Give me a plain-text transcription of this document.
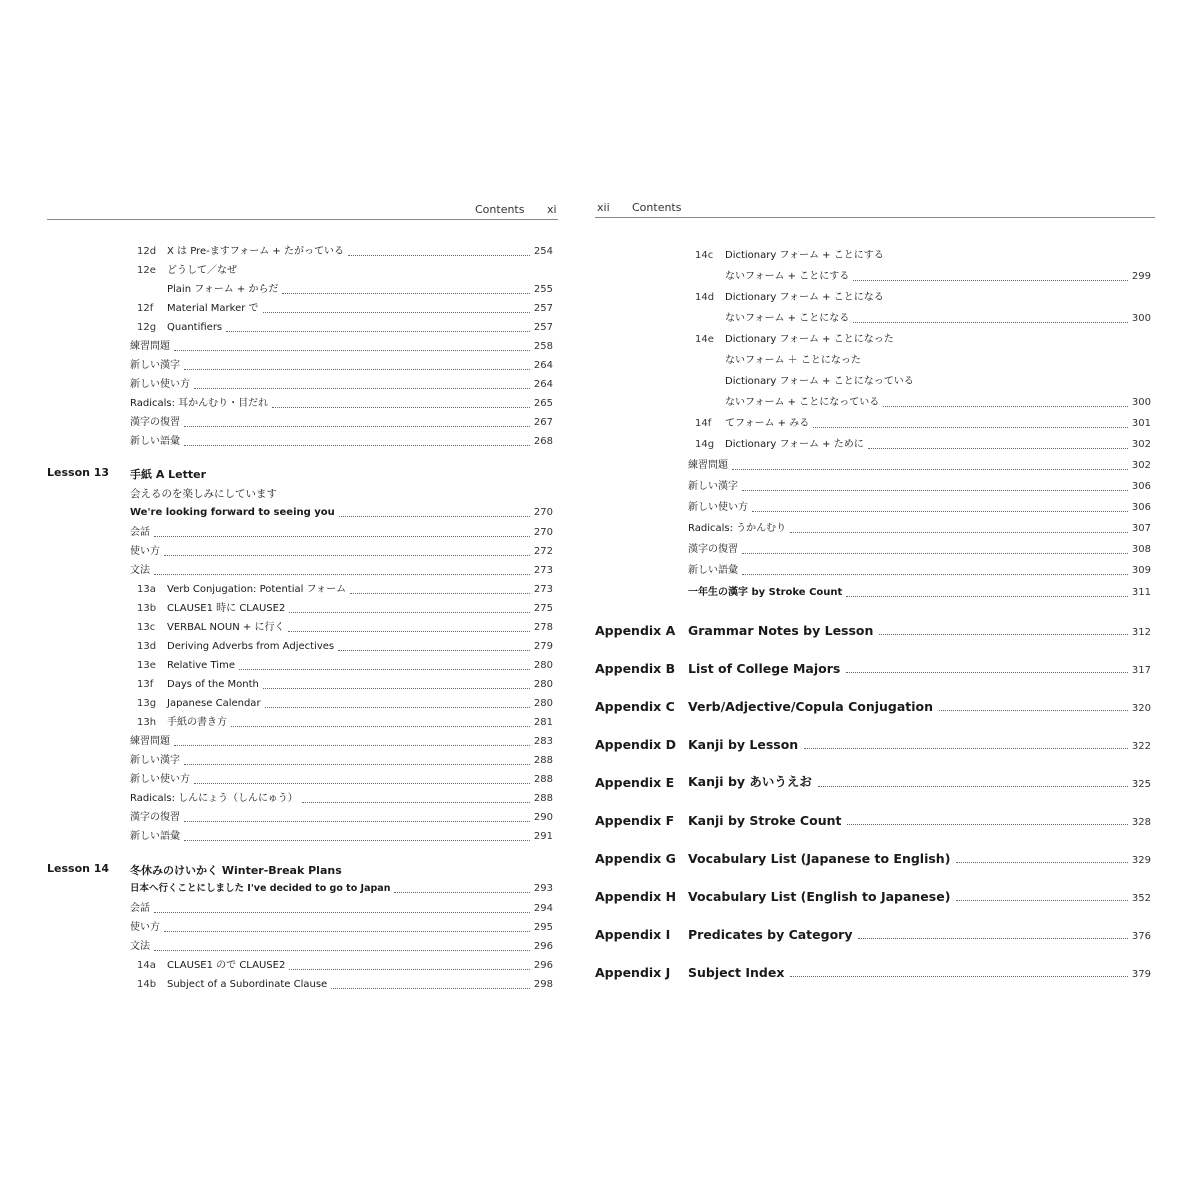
Contents xi
12d	X は Pre-ますフォーム + たがっている	254
12e	どうして／なぜ
Plain フォーム + からだ	255
12f	Material Marker で	257
12g	Quantifiers	257
練習問題	258
新しい漢字	264
新しい使い方	264
Radicals: 耳かんむり・目だれ	265
漢字の復習	267
新しい語彙	268
Lesson 13 手紙 A Letter
会えるのを楽しみにしています
We're looking forward to seeing you	270
会話	270
使い方	272
文法	273
13a	Verb Conjugation: Potential フォーム	273
13b	CLAUSE1 時に CLAUSE2	275
13c	VERBAL NOUN + に行く	278
13d	Deriving Adverbs from Adjectives	279
13e	Relative Time	280
13f	Days of the Month	280
13g	Japanese Calendar	280
13h	手紙の書き方	281
練習問題	283
新しい漢字	288
新しい使い方	288
Radicals: しんにょう（しんにゅう）	288
漢字の復習	290
新しい語彙	291
Lesson 14 冬休みのけいかく Winter-Break Plans
日本へ行くことにしました I've decided to go to Japan	293
会話	294
使い方	295
文法	296
14a	CLAUSE1 ので CLAUSE2	296
14b	Subject of a Subordinate Clause	298
xii Contents
14c	Dictionary フォーム + ことにする
ないフォーム + ことにする	299
14d	Dictionary フォーム + ことになる
ないフォーム + ことになる	300
14e	Dictionary フォーム + ことになった
ないフォーム ＋ ことになった
Dictionary フォーム + ことになっている
ないフォーム + ことになっている	300
14f	てフォーム + みる	301
14g	Dictionary フォーム + ために	302
練習問題	302
新しい漢字	306
新しい使い方	306
Radicals: うかんむり	307
漢字の復習	308
新しい語彙	309
一年生の漢字 by Stroke Count	311
Appendix A	Grammar Notes by Lesson	312
Appendix B	List of College Majors	317
Appendix C	Verb/Adjective/Copula Conjugation	320
Appendix D Kanji by Lesson	322
Appendix E	Kanji by あいうえお	325
Appendix F	Kanji by Stroke Count	328
Appendix G Vocabulary List (Japanese to English)	329
Appendix H Vocabulary List (English to Japanese)	352
Appendix I	Predicates by Category	376
Appendix J	Subject Index	379
